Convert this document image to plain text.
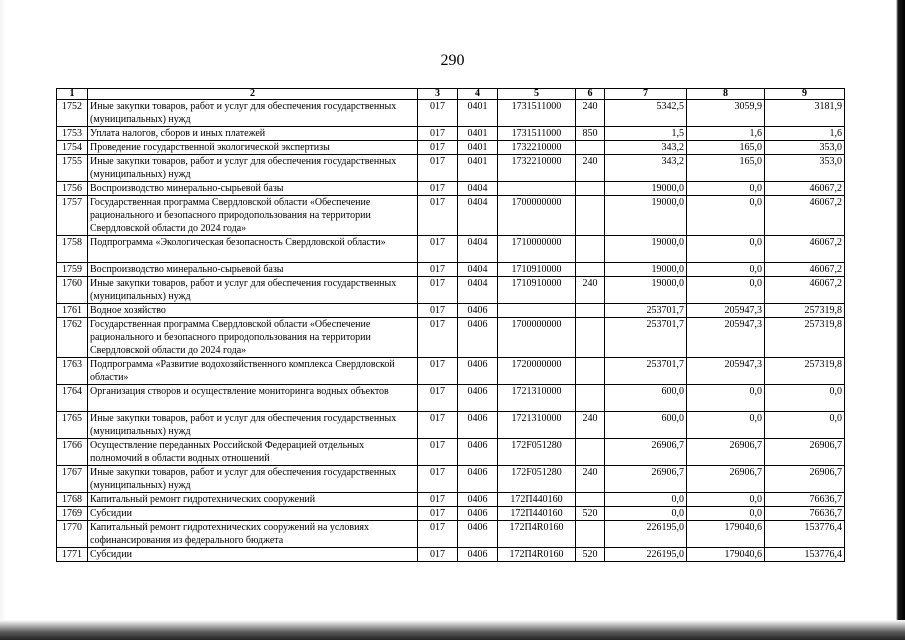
290
1	2	3	4	5	6	7	8	9
1752	Иные закупки товаров, работ и услуг для обеспечения государственных (муниципальных) нужд	017	0401	1731511000	240	5342,5	3059,9	3181,9
1753	Уплата налогов, сборов и иных платежей	017	0401	1731511000	850	1,5	1,6	1,6
1754	Проведение государственной экологической экспертизы	017	0401	1732210000		343,2	165,0	353,0
1755	Иные закупки товаров, работ и услуг для обеспечения государственных (муниципальных) нужд	017	0401	1732210000	240	343,2	165,0	353,0
1756	Воспроизводство минерально-сырьевой базы	017	0404			19000,0	0,0	46067,2
1757	Государственная программа Свердловской области «Обеспечение рационального и безопасного природопользования на территории Свердловской области до 2024 года»	017	0404	1700000000		19000,0	0,0	46067,2
1758	Подпрограмма «Экологическая безопасность Свердловской области»	017	0404	1710000000		19000,0	0,0	46067,2
1759	Воспроизводство минерально-сырьевой базы	017	0404	1710910000		19000,0	0,0	46067,2
1760	Иные закупки товаров, работ и услуг для обеспечения государственных (муниципальных) нужд	017	0404	1710910000	240	19000,0	0,0	46067,2
1761	Водное хозяйство	017	0406			253701,7	205947,3	257319,8
1762	Государственная программа Свердловской области «Обеспечение рационального и безопасного природопользования на территории Свердловской области до 2024 года»	017	0406	1700000000		253701,7	205947,3	257319,8
1763	Подпрограмма «Развитие водохозяйственного комплекса Свердловской области»	017	0406	1720000000		253701,7	205947,3	257319,8
1764	Организация створов и осуществление мониторинга водных объектов	017	0406	1721310000		600,0	0,0	0,0
1765	Иные закупки товаров, работ и услуг для обеспечения государственных (муниципальных) нужд	017	0406	1721310000	240	600,0	0,0	0,0
1766	Осуществление переданных Российской Федерацией отдельных полномочий в области водных отношений	017	0406	172F051280		26906,7	26906,7	26906,7
1767	Иные закупки товаров, работ и услуг для обеспечения государственных (муниципальных) нужд	017	0406	172F051280	240	26906,7	26906,7	26906,7
1768	Капитальный ремонт гидротехнических сооружений	017	0406	172П440160		0,0	0,0	76636,7
1769	Субсидии	017	0406	172П440160	520	0,0	0,0	76636,7
1770	Капитальный ремонт гидротехнических сооружений на условиях софинансирования из федерального бюджета	017	0406	172П4R0160		226195,0	179040,6	153776,4
1771	Субсидии	017	0406	172П4R0160	520	226195,0	179040,6	153776,4
